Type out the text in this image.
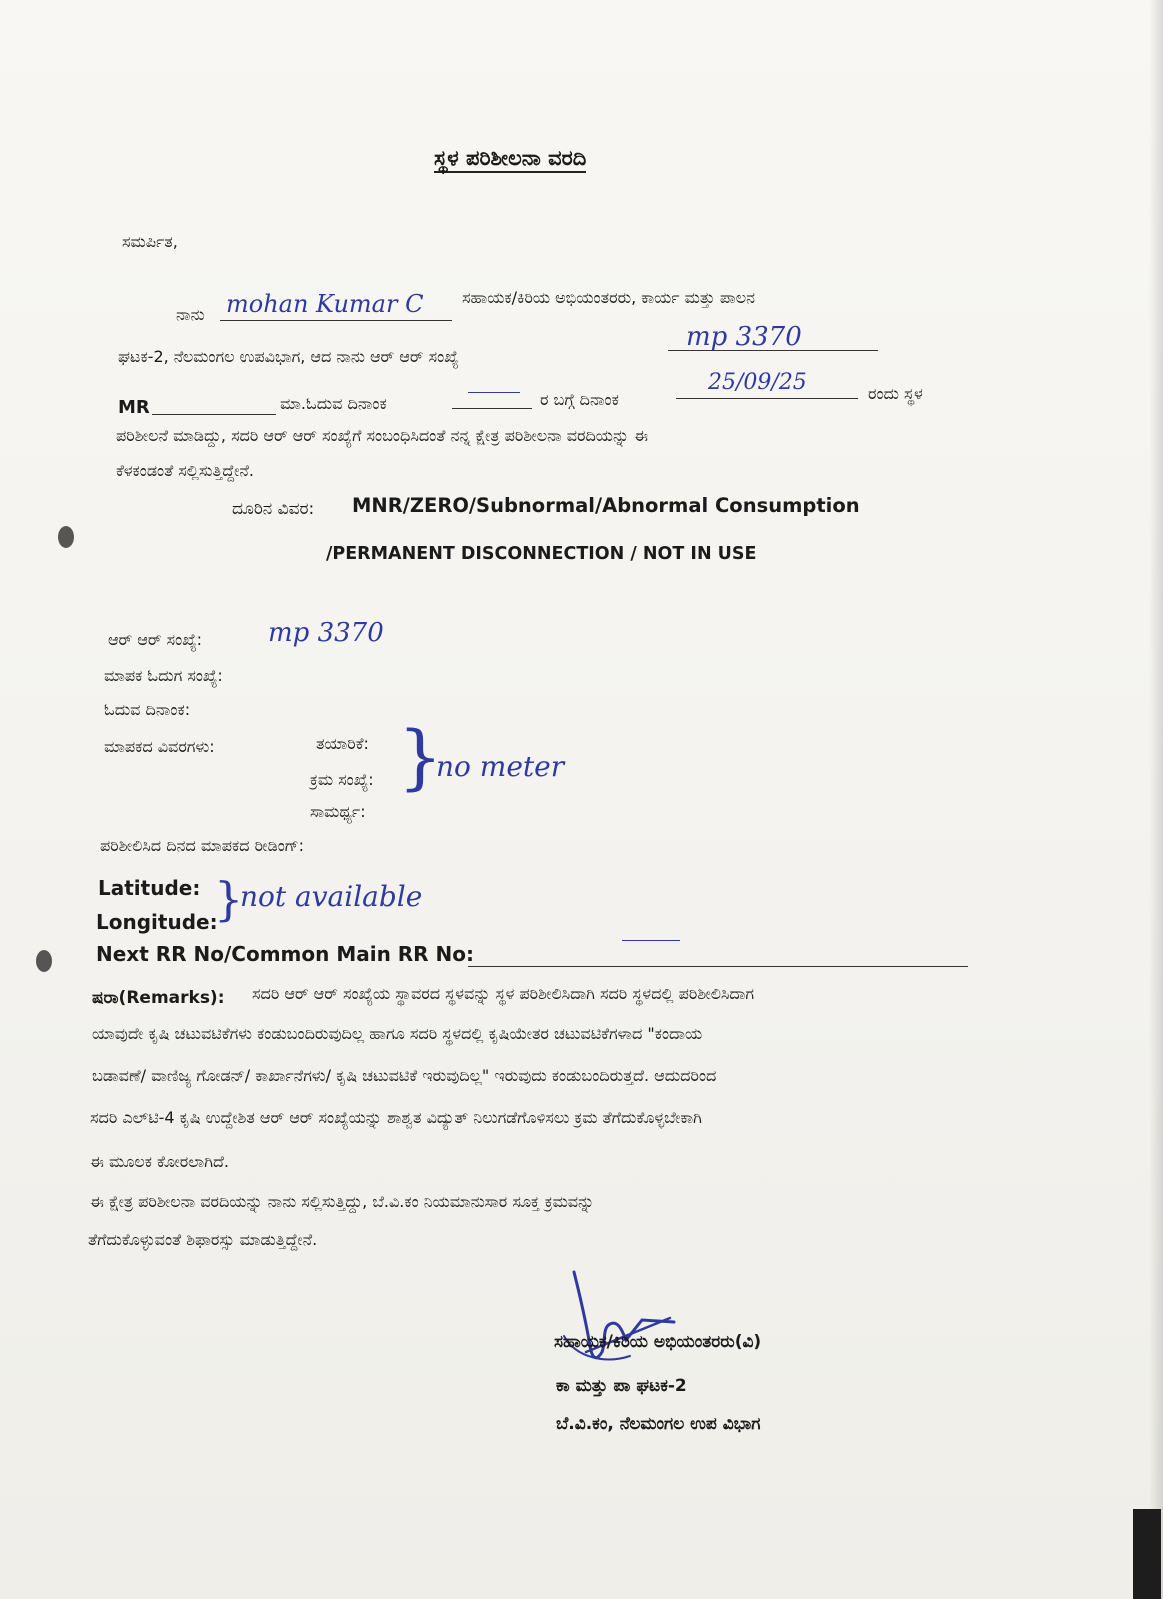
ಸ್ಥಳ ಪರಿಶೀಲನಾ ವರದಿ
ಸಮರ್ಪಿತ,
ನಾನು mohan Kumar C ಸಹಾಯಕ/ಕಿರಿಯ ಅಭಿಯಂತರರು, ಕಾರ್ಯ ಮತ್ತು ಪಾಲನ
ಘಟಕ-2, ನೆಲಮಂಗಲ ಉಪವಿಭಾಗ, ಆದ ನಾನು ಆರ್ ಆರ್ ಸಂಖ್ಯೆ
mp 3370
MR	ಮಾ.ಓದುವ ದಿನಾಂಕ	ರ ಬಗ್ಗೆ ದಿನಾಂಕ
25/09/25	ರಂದು ಸ್ಥಳ
ಪರಿಶೀಲನೆ ಮಾಡಿದ್ದು, ಸದರಿ ಆರ್ ಆರ್ ಸಂಖ್ಯೆಗೆ ಸಂಬಂಧಿಸಿದಂತೆ ನನ್ನ ಕ್ಷೇತ್ರ ಪರಿಶೀಲನಾ ವರದಿಯನ್ನು ಈ
ಕೆಳಕಂಡಂತೆ ಸಲ್ಲಿಸುತ್ತಿದ್ದೇನೆ.
ದೂರಿನ ವಿವರ: MNR/ZERO/Subnormal/Abnormal Consumption
/PERMANENT DISCONNECTION / NOT IN USE
ಆರ್ ಆರ್ ಸಂಖ್ಯೆ:	mp 3370
ಮಾಪಕ ಓದುಗ ಸಂಖ್ಯೆ:
ಓದುವ ದಿನಾಂಕ:
ಮಾಪಕದ ವಿವರಗಳು:	ತಯಾರಿಕೆ:
ಕ್ರಮ ಸಂಖ್ಯೆ:
ಸಾಮರ್ಥ್ಯ:
}
no meter
ಪರಿಶೀಲಿಸಿದ ದಿನದ ಮಾಪಕದ ರೀಡಿಂಗ್:
Latitude:
Longitude:
}
not available
Next RR No/Common Main RR No:
ಷರಾ(Remarks): ಸದರಿ ಆರ್ ಆರ್ ಸಂಖ್ಯೆಯ ಸ್ಥಾವರದ ಸ್ಥಳವನ್ನು ಸ್ಥಳ ಪರಿಶೀಲಿಸಿದಾಗಿ ಸದರಿ ಸ್ಥಳದಲ್ಲಿ ಪರಿಶೀಲಿಸಿದಾಗ
ಯಾವುದೇ ಕೃಷಿ ಚಟುವಟಿಕೆಗಳು ಕಂಡುಬಂದಿರುವುದಿಲ್ಲ ಹಾಗೂ ಸದರಿ ಸ್ಥಳದಲ್ಲಿ ಕೃಷಿಯೇತರ ಚಟುವಟಿಕೆಗಳಾದ "ಕಂದಾಯ
ಬಡಾವಣೆ/ ವಾಣಿಜ್ಯ ಗೋಡನ್/ ಕಾರ್ಖಾನೆಗಳು/ ಕೃಷಿ ಚಟುವಟಿಕೆ ಇರುವುದಿಲ್ಲ" ಇರುವುದು ಕಂಡುಬಂದಿರುತ್ತದೆ. ಆದುದರಿಂದ
ಸದರಿ ಎಲ್‌ಟಿ-4 ಕೃಷಿ ಉದ್ದೇಶಿತ ಆರ್ ಆರ್ ಸಂಖ್ಯೆಯನ್ನು ಶಾಶ್ವತ ವಿದ್ಯುತ್ ನಿಲುಗಡೆಗೊಳಿಸಲು ಕ್ರಮ ತೆಗೆದುಕೊಳ್ಳಬೇಕಾಗಿ
ಈ ಮೂಲಕ ಕೋರಲಾಗಿದೆ.
ಈ ಕ್ಷೇತ್ರ ಪರಿಶೀಲನಾ ವರದಿಯನ್ನು ನಾನು ಸಲ್ಲಿಸುತ್ತಿದ್ದು, ಬೆ.ವಿ.ಕಂ ನಿಯಮಾನುಸಾರ ಸೂಕ್ತ ಕ್ರಮವನ್ನು
ತೆಗೆದುಕೊಳ್ಳುವಂತೆ ಶಿಫಾರಸ್ಸು ಮಾಡುತ್ತಿದ್ದೇನೆ.
ಸಹಾಯಕ/ಕಿರಿಯ ಅಭಿಯಂತರರು(ವಿ)
ಕಾ ಮತ್ತು ಪಾ ಘಟಕ-2
ಬೆ.ವಿ.ಕಂ, ನೆಲಮಂಗಲ ಉಪ ವಿಭಾಗ
